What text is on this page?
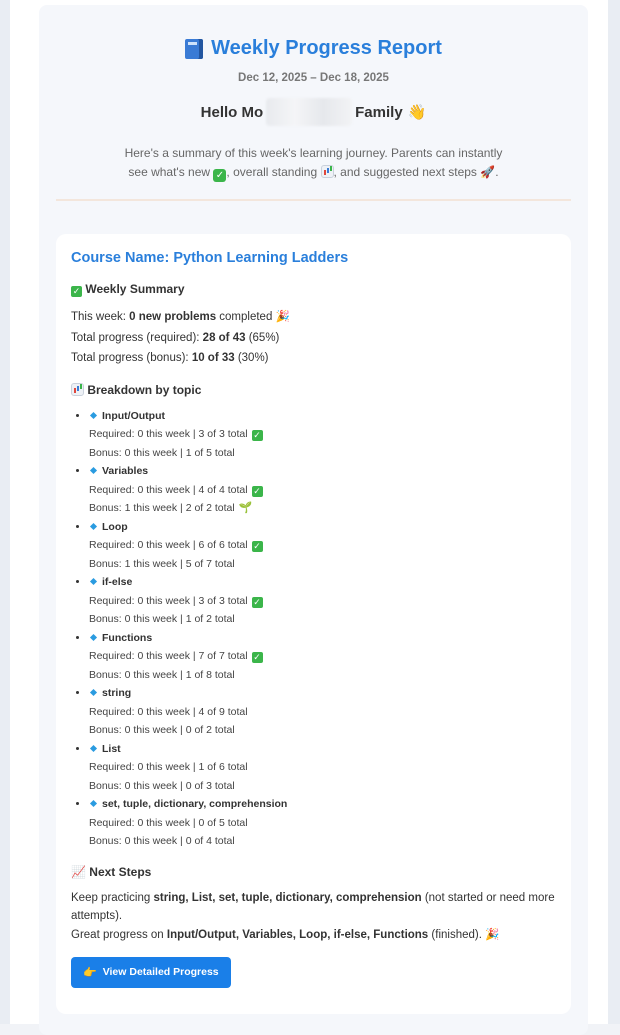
Weekly Progress Report
Dec 12, 2025 – Dec 18, 2025
Hello Mo	Family 👋
Here's a summary of this week's learning journey. Parents can instantly see what's new ✓ , overall standing , and suggested next steps 🚀.
Course Name: Python Learning Ladders
✓ Weekly Summary
This week: 0 new problems completed 🎉
Total progress (required): 28 of 43 (65%)
Total progress (bonus): 10 of 33 (30%)
Breakdown by topic
• Input/Output
Required: 0 this week | 3 of 3 total ✓
Bonus: 0 this week | 1 of 5 total
• Variables
Required: 0 this week | 4 of 4 total ✓
Bonus: 1 this week | 2 of 2 total 🌱
• Loop
Required: 0 this week | 6 of 6 total ✓
Bonus: 1 this week | 5 of 7 total
• if-else
Required: 0 this week | 3 of 3 total ✓
Bonus: 0 this week | 1 of 2 total
• Functions
Required: 0 this week | 7 of 7 total ✓
Bonus: 0 this week | 1 of 8 total
• string
Required: 0 this week | 4 of 9 total
Bonus: 0 this week | 0 of 2 total
• List
Required: 0 this week | 1 of 6 total
Bonus: 0 this week | 0 of 3 total
• set, tuple, dictionary, comprehension
Required: 0 this week | 0 of 5 total
Bonus: 0 this week | 0 of 4 total
📈 Next Steps
Keep practicing string, List, set, tuple, dictionary, comprehension (not started or need more attempts).
Great progress on Input/Output, Variables, Loop, if-else, Functions (finished). 🎉
👉 View Detailed Progress
